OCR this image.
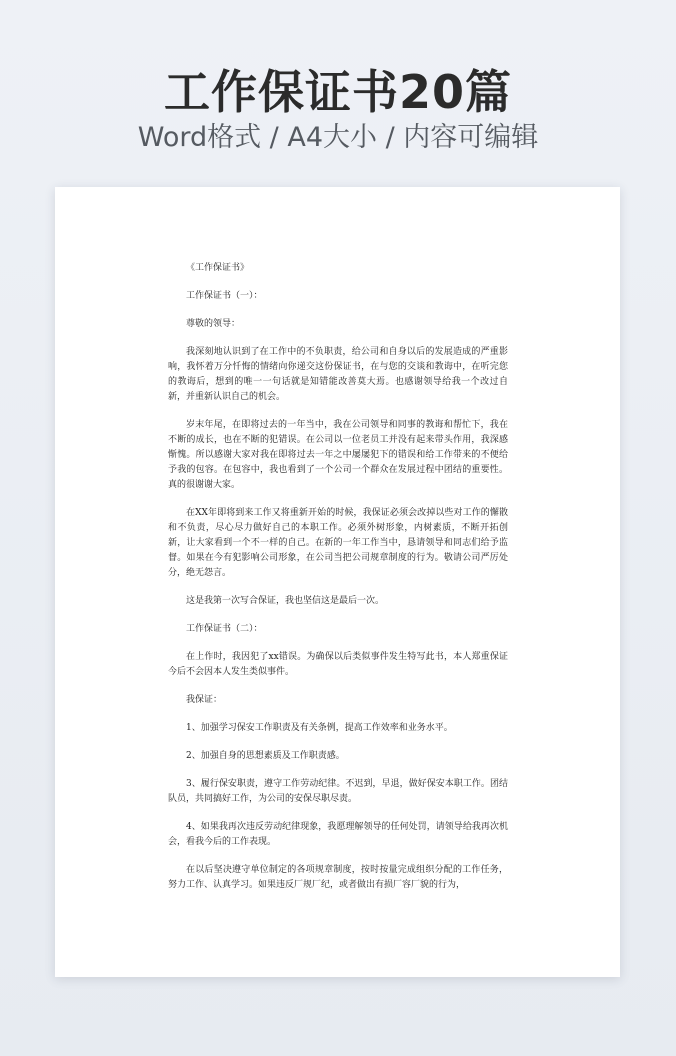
工作保证书20篇
Word格式 / A4大小 / 内容可编辑

《工作保证书》

工作保证书（一）：

尊敬的领导：

我深刻地认识到了在工作中的不负职责，给公司和自身以后的发展造成的严重影响，我怀着万分忏悔的情绪向你递交这份保证书，在与您的交谈和教诲中，在听完您的教诲后，想到的唯一一句话就是知错能改善莫大焉。也感谢领导给我一个改过自新，并重新认识自己的机会。

岁末年尾，在即将过去的一年当中，我在公司领导和同事的教诲和帮忙下，我在不断的成长，也在不断的犯错误。在公司以一位老员工并没有起来带头作用，我深感惭愧。所以感谢大家对我在即将过去一年之中屡屡犯下的错误和给工作带来的不便给予我的包容。在包容中，我也看到了一个公司一个群众在发展过程中团结的重要性。真的很谢谢大家。

在XX年即将到来工作又将重新开始的时候，我保证必须会改掉以些对工作的懈散和不负责，尽心尽力做好自己的本职工作。必须外树形象，内树素质，不断开拓创新，让大家看到一个不一样的自己。在新的一年工作当中，恳请领导和同志们给予监督。如果在今有犯影响公司形象，在公司当把公司规章制度的行为。敬请公司严厉处分，绝无怨言。

这是我第一次写合保证，我也坚信这是最后一次。

工作保证书（二）：

在上作时，我因犯了xx错误。为确保以后类似事件发生特写此书，本人郑重保证今后不会因本人发生类似事件。

我保证：

1、加强学习保安工作职责及有关条例，提高工作效率和业务水平。

2、加强自身的思想素质及工作职责感。

3、履行保安职责，遵守工作劳动纪律。不迟到，早退，做好保安本职工作。团结队员，共同搞好工作，为公司的安保尽职尽责。

4、如果我再次违反劳动纪律现象，我愿理解领导的任何处罚，请领导给我再次机会，看我今后的工作表现。

在以后坚决遵守单位制定的各项规章制度，按时按量完成组织分配的工作任务，努力工作、认真学习。如果违反厂规厂纪，或者做出有损厂容厂貌的行为，
